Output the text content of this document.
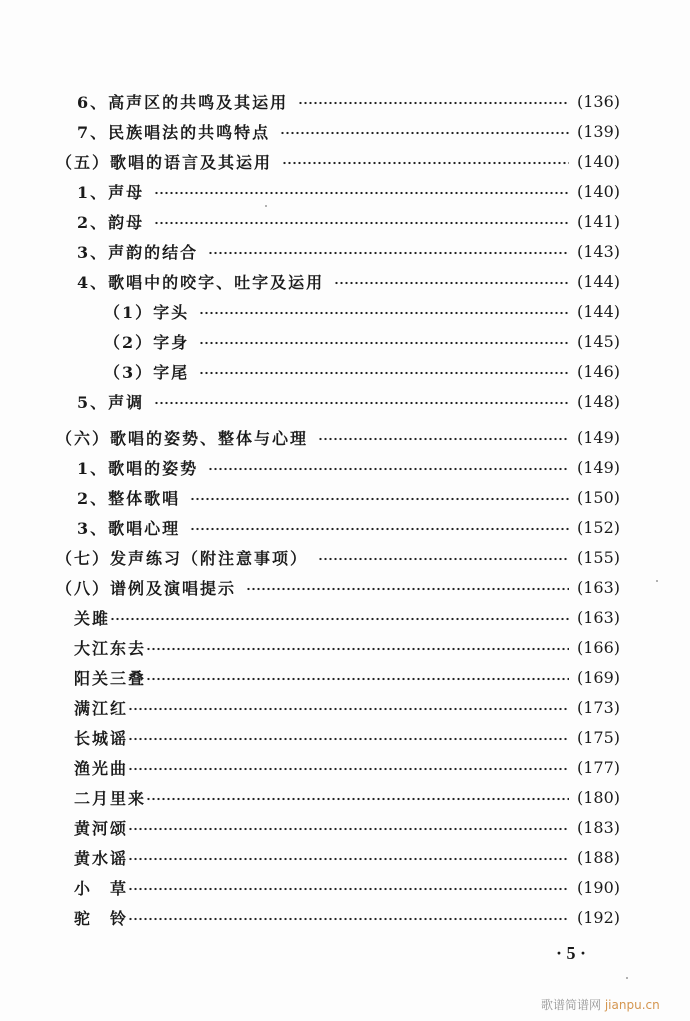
6、高声区的共鸣及其运用	(136)
7、民族唱法的共鸣特点	(139)
（五）歌唱的语言及其运用	(140)
1、声母	(140)
2、韵母	(141)
3、声韵的结合	(143)
4、歌唱中的咬字、吐字及运用	(144)
（1）字头	(144)
（2）字身	(145)
（3）字尾	(146)
5、声调	(148)
（六）歌唱的姿势、整体与心理	(149)
1、歌唱的姿势	(149)
2、整体歌唱	(150)
3、歌唱心理	(152)
（七）发声练习（附注意事项）	(155)
（八）谱例及演唱提示	(163)
关雎	(163)
大江东去	(166)
阳关三叠	(169)
满江红	(173)
长城谣	(175)
渔光曲	(177)
二月里来	(180)
黄河颂	(183)
黄水谣	(188)
小　草	(190)
驼　铃	(192)
· 5 ·
歌谱简谱网 jianpu.cn
